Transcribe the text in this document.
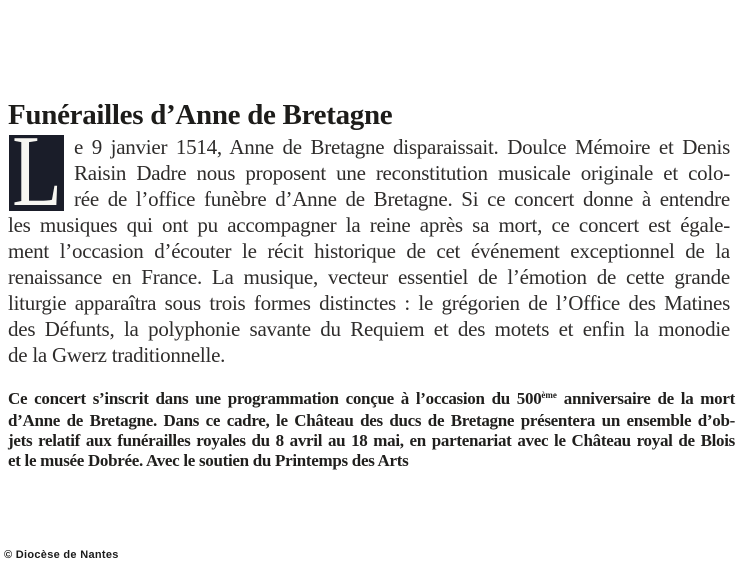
Funérailles d’Anne de Bretagne
L e 9 janvier 1514, Anne de Bretagne disparaissait. Doulce Mémoire et Denis
Raisin Dadre nous proposent une reconstitution musicale originale et colo-
rée de l’office funèbre d’Anne de Bretagne. Si ce concert donne à entendre
les musiques qui ont pu accompagner la reine après sa mort, ce concert est égale-
ment l’occasion d’écouter le récit historique de cet événement exceptionnel de la
renaissance en France. La musique, vecteur essentiel de l’émotion de cette grande
liturgie apparaîtra sous trois formes distinctes : le grégorien de l’Office des Matines
des Défunts, la polyphonie savante du Requiem et des motets et enfin la monodie
de la Gwerz traditionnelle.
Ce concert s’inscrit dans une programmation conçue à l’occasion du 500ème anniversaire de la mort
d’Anne de Bretagne. Dans ce cadre, le Château des ducs de Bretagne présentera un ensemble d’ob-
jets relatif aux funérailles royales du 8 avril au 18 mai, en partenariat avec le Château royal de Blois
et le musée Dobrée. Avec le soutien du Printemps des Arts
© Diocèse de Nantes
